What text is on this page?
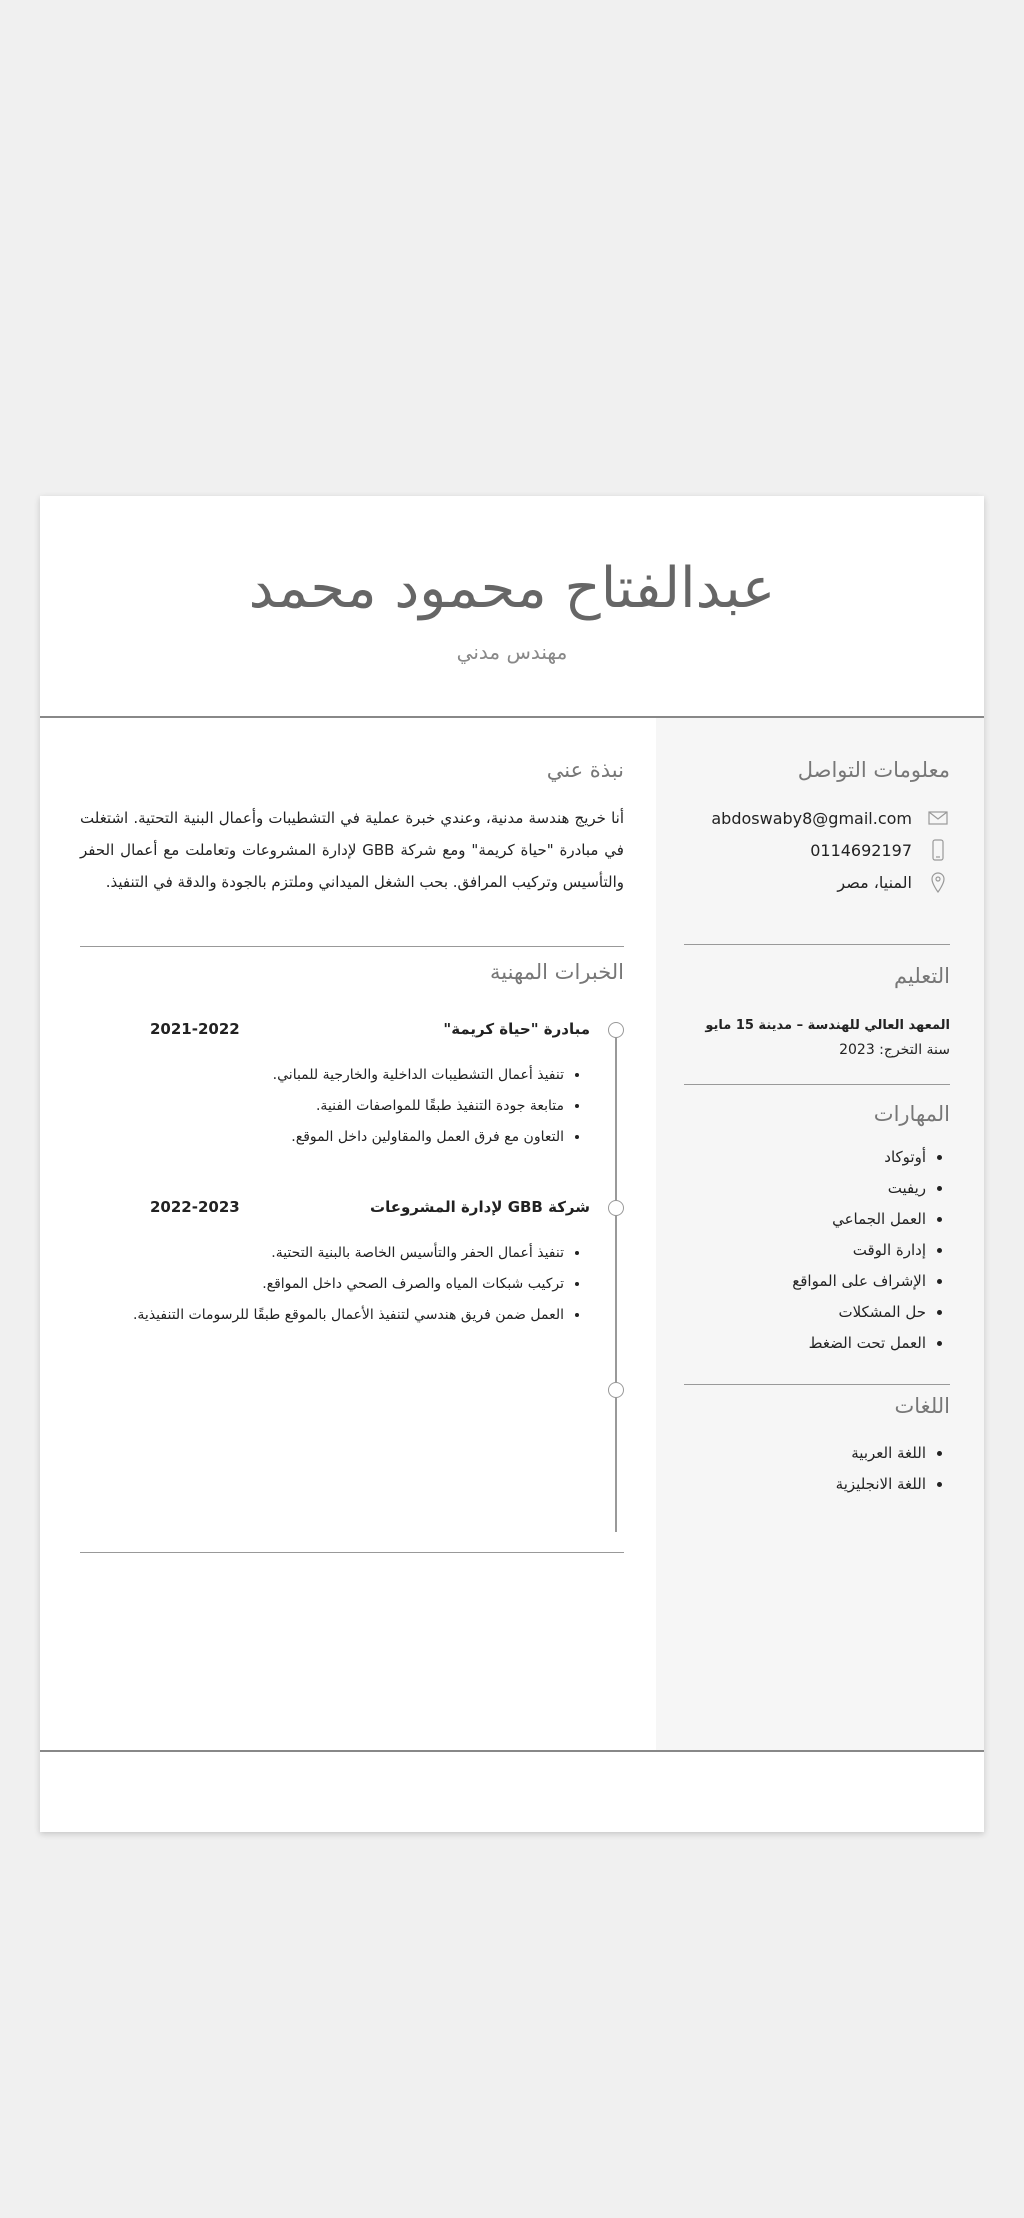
عبدالفتاح محمود محمد
مهندس مدني
معلومات التواصل
abdoswaby8@gmail.com
0114692197
المنيا، مصر
التعليم
المعهد العالي للهندسة – مدينة 15 مايو
سنة التخرج: 2023
المهارات
• أوتوكاد
• ريفيت
• العمل الجماعي
• إدارة الوقت
• الإشراف على المواقع
• حل المشكلات
• العمل تحت الضغط
اللغات
• اللغة العربية
• اللغة الانجليزية
نبذة عني

أنا خريج هندسة مدنية، وعندي خبرة عملية في التشطيبات وأعمال البنية التحتية. اشتغلت في مبادرة "حياة كريمة" ومع شركة GBB لإدارة المشروعات وتعاملت مع أعمال الحفر والتأسيس وتركيب المرافق. بحب الشغل الميداني وملتزم بالجودة والدقة في التنفيذ.

الخبرات المهنية
مبادرة "حياة كريمة"
2021-2022
• تنفيذ أعمال التشطيبات الداخلية والخارجية للمباني.
• متابعة جودة التنفيذ طبقًا للمواصفات الفنية.
• التعاون مع فرق العمل والمقاولين داخل الموقع.
شركة GBB لإدارة المشروعات
2022-2023
• تنفيذ أعمال الحفر والتأسيس الخاصة بالبنية التحتية.
• تركيب شبكات المياه والصرف الصحي داخل المواقع.
• العمل ضمن فريق هندسي لتنفيذ الأعمال بالموقع طبقًا للرسومات التنفيذية.
